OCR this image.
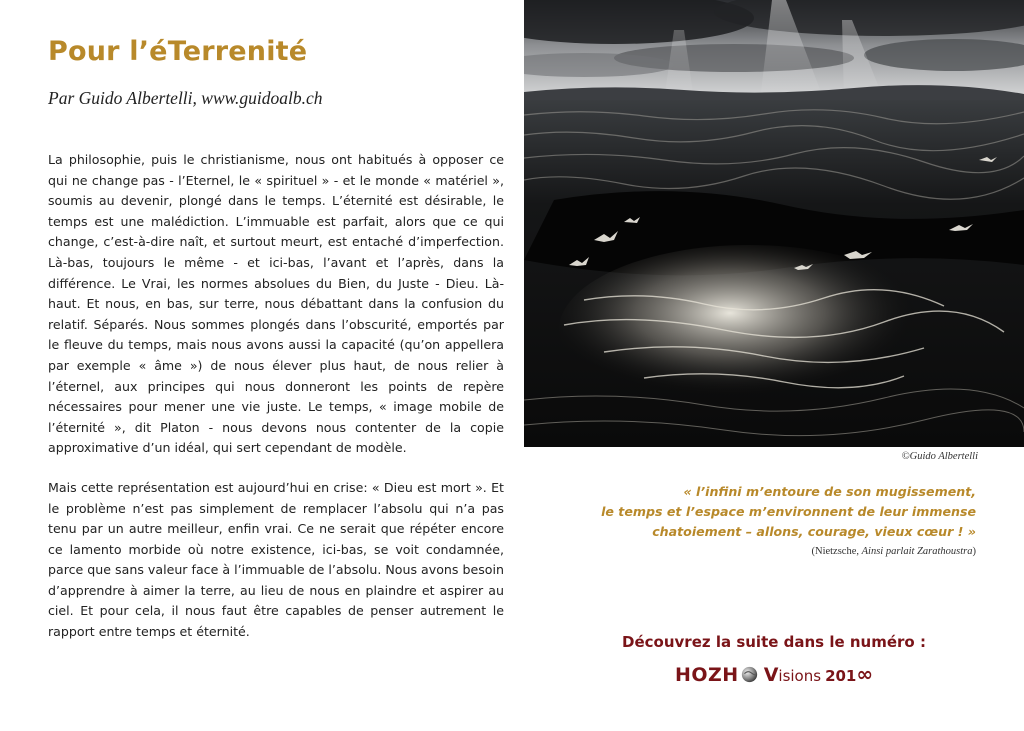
Pour l’éTerrenité

Par Guido Albertelli, www.guidoalb.ch

La philosophie, puis le christianisme, nous ont habitués à opposer ce qui ne change pas - l’Eternel, le « spirituel » - et le monde « matériel », soumis au devenir, plongé dans le temps. L’éternité est désirable, le temps est une malédiction. L’immuable est parfait, alors que ce qui change, c’est-à-dire naît, et surtout meurt, est entaché d’imperfection. Là-bas, toujours le même - et ici-bas, l’avant et l’après, dans la différence. Le Vrai, les normes absolues du Bien, du Juste - Dieu. Là-haut. Et nous, en bas, sur terre, nous débattant dans la confusion du relatif. Séparés. Nous sommes plongés dans l’obscurité, emportés par le fleuve du temps, mais nous avons aussi la capacité (qu’on appellera par exemple « âme ») de nous élever plus haut, de nous relier à l’éternel, aux principes qui nous donneront les points de repère nécessaires pour mener une vie juste. Le temps, « image mobile de l’éternité », dit Platon - nous devons nous contenter de la copie approximative d’un idéal, qui sert cependant de modèle.

Mais cette représentation est aujourd’hui en crise: « Dieu est mort ». Et le problème n’est pas simplement de remplacer l’absolu qui n’a pas tenu par un autre meilleur, enfin vrai. Ce ne serait que répéter encore ce lamento morbide où notre existence, ici-bas, se voit condamnée, parce que sans valeur face à l’immuable de l’absolu. Nous avons besoin d’apprendre à aimer la terre, au lieu de nous en plaindre et aspirer au ciel. Et pour cela, il nous faut être capables de penser autrement le rapport entre temps et éternité.

©Guido Albertelli
« l’infini m’entoure de son mugissement,
le temps et l’espace m’environnent de leur immense
chatoiement – allons, courage, vieux cœur ! »
(Nietzsche, Ainsi parlait Zarathoustra)
Découvrez la suite dans le numéro :
HOZH Visions 201∞
